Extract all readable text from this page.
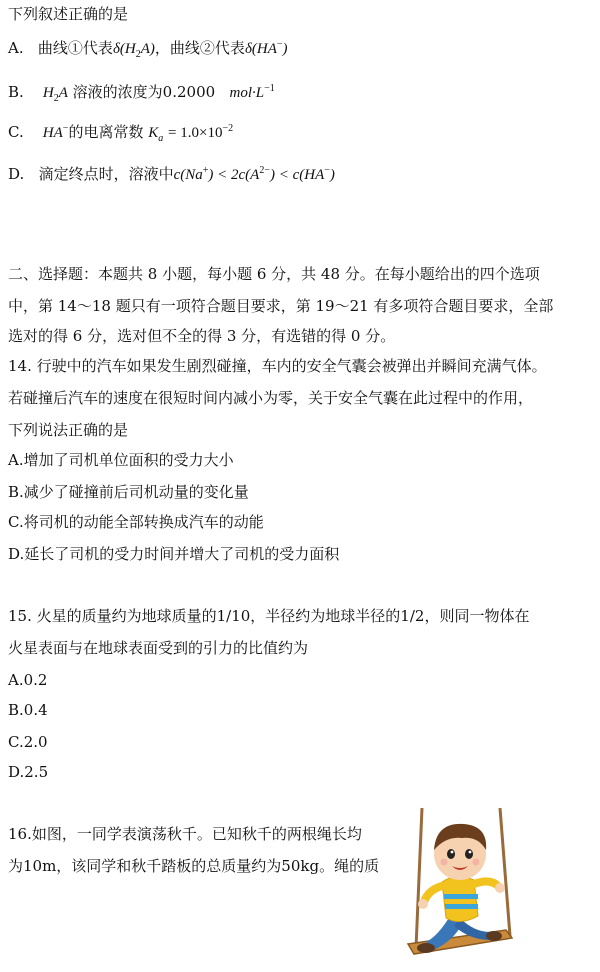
下列叙述正确的是
A. 曲线①代表$\delta(H_2A)$，曲线②代表δ(HA−)
B. $H_2A$ 溶液的浓度为0.2000 $mol\cdot L^{-1}$
C. HA−的电离常数 $K_a = 1.0\times 10^{-2}$
D. 滴定终点时，溶液中$c(Na^+) < 2c(A^{2-}) < c(HA^-)$
二、选择题：本题共 8 小题，每小题 6 分，共 48 分。在每小题给出的四个选项
中，第 14～18 题只有一项符合题目要求，第 19～21 有多项符合题目要求，全部
选对的得 6 分，选对但不全的得 3 分，有选错的得 0 分。
14. 行驶中的汽车如果发生剧烈碰撞，车内的安全气囊会被弹出并瞬间充满气体。
若碰撞后汽车的速度在很短时间内减小为零，关于安全气囊在此过程中的作用，
下列说法正确的是
A.增加了司机单位面积的受力大小
B.减少了碰撞前后司机动量的变化量
C.将司机的动能全部转换成汽车的动能
D.延长了司机的受力时间并增大了司机的受力面积
15. 火星的质量约为地球质量的1/10，半径约为地球半径的1/2，则同一物体在
火星表面与在地球表面受到的引力的比值约为
A.0.2
B.0.4
C.2.0
D.2.5
16.如图，一同学表演荡秋千。已知秋千的两根绳长均
为10m，该同学和秋千踏板的总质量约为50kg。绳的质
